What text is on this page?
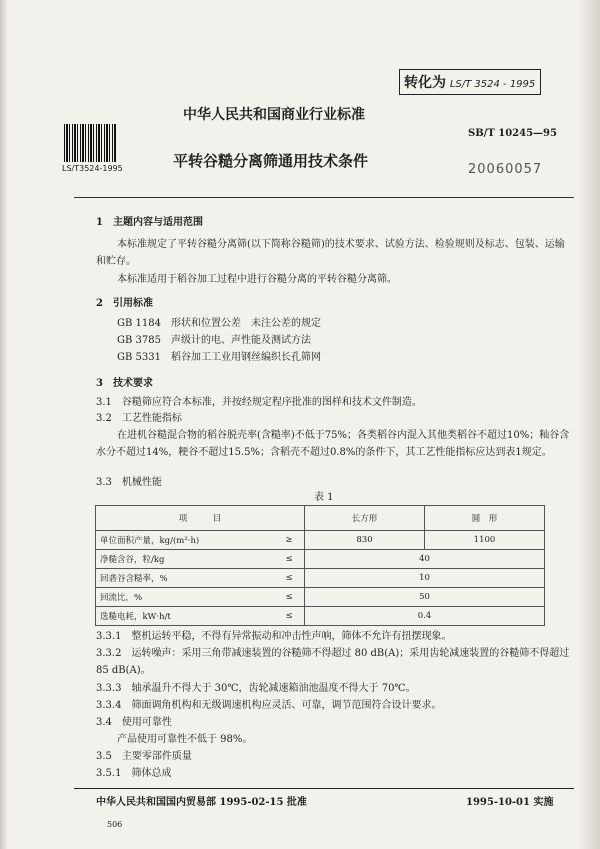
转化为 LS/T 3524 - 1995
中华人民共和国商业行业标准
LS/T3524-1995
SB/T 10245—95
平转谷糙分离筛通用技术条件	20060057
1　主题内容与适用范围
本标准规定了平转谷糙分离筛(以下简称谷糙筛)的技术要求、试验方法、检验规则及标志、包装、运输和贮存。
本标准适用于稻谷加工过程中进行谷糙分离的平转谷糙分离筛。
2　引用标准
GB 1184　形状和位置公差　未注公差的规定
GB 3785　声级计的电、声性能及测试方法
GB 5331　稻谷加工工业用钢丝编织长孔筛网
3　技术要求
3.1　谷糙筛应符合本标准，并按经规定程序批准的图样和技术文件制造。
3.2　工艺性能指标
在进机谷糙混合物的稻谷脱壳率(含糙率)不低于75%；各类稻谷内混入其他类稻谷不超过10%；籼谷含水分不超过14%，粳谷不超过15.5%；含稻壳不超过0.8%的条件下，其工艺性能指标应达到表1规定。
3.3　机械性能
表 1
项　　　目		长方形	圆　形
单位面积产量，kg/(m²·h)	≥	830	1100
净糙含谷，粒/kg	≤	40	
回砻谷含糙率，%	≤	10	
回流比，%	≤	50	
选糙电耗，kW·h/t	≤	0.4	
3.3.1　整机运转平稳，不得有异常振动和冲击性声响，筛体不允许有扭摆现象。
3.3.2　运转噪声：采用三角带减速装置的谷糙筛不得超过 80 dB(A)；采用齿轮减速装置的谷糙筛不得超过 85 dB(A)。
3.3.3　轴承温升不得大于 30℃，齿轮减速箱油池温度不得大于 70℃。
3.3.4　筛面调角机构和无级调速机构应灵活、可靠，调节范围符合设计要求。
3.4　使用可靠性
产品使用可靠性不低于 98%。
3.5　主要零部件质量
3.5.1　筛体总成
中华人民共和国国内贸易部 1995-02-15 批准	1995-10-01 实施
506
